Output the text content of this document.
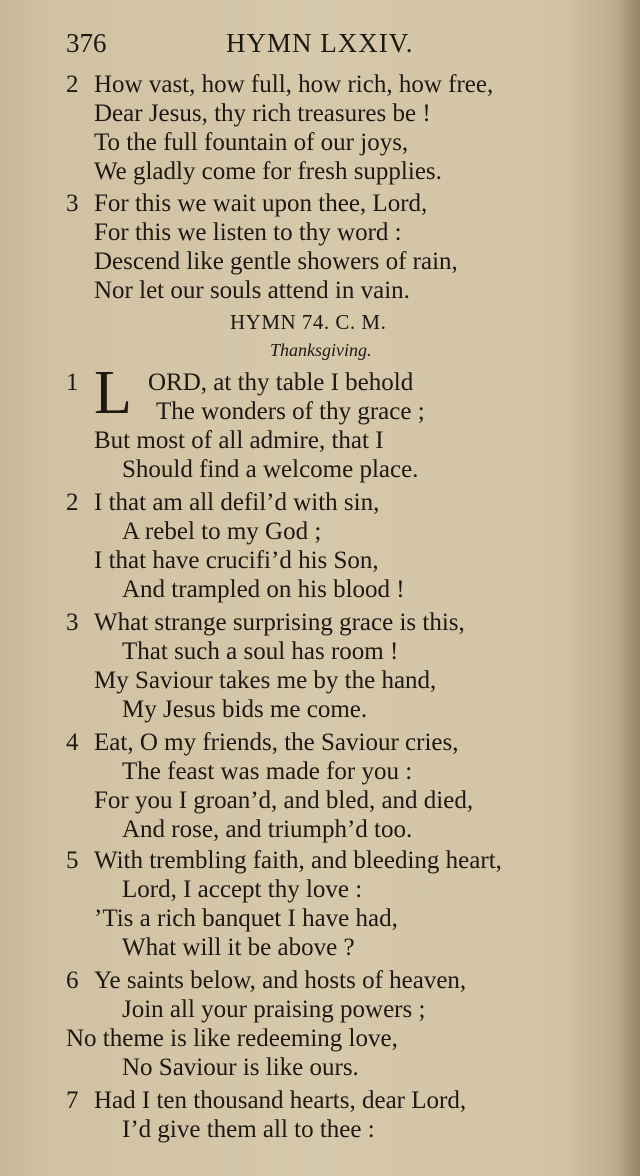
376	HYMN LXXIV.
2 How vast, how full, how rich, how free,
Dear Jesus, thy rich treasures be !
To the full fountain of our joys,
We gladly come for fresh supplies.
3 For this we wait upon thee, Lord,
For this we listen to thy word :
Descend like gentle showers of rain,
Nor let our souls attend in vain.
HYMN 74. C. M.
Thanksgiving.
1 L ORD, at thy table I behold
The wonders of thy grace ;
But most of all admire, that I
Should find a welcome place.
2 I that am all defil’d with sin,
A rebel to my God ;
I that have crucifi’d his Son,
And trampled on his blood !
3 What strange surprising grace is this,
That such a soul has room !
My Saviour takes me by the hand,
My Jesus bids me come.
4 Eat, O my friends, the Saviour cries,
The feast was made for you :
For you I groan’d, and bled, and died,
And rose, and triumph’d too.
5 With trembling faith, and bleeding heart,
Lord, I accept thy love :
’Tis a rich banquet I have had,
What will it be above ?
6 Ye saints below, and hosts of heaven,
Join all your praising powers ;
No theme is like redeeming love,
No Saviour is like ours.
7 Had I ten thousand hearts, dear Lord,
I’d give them all to thee :
